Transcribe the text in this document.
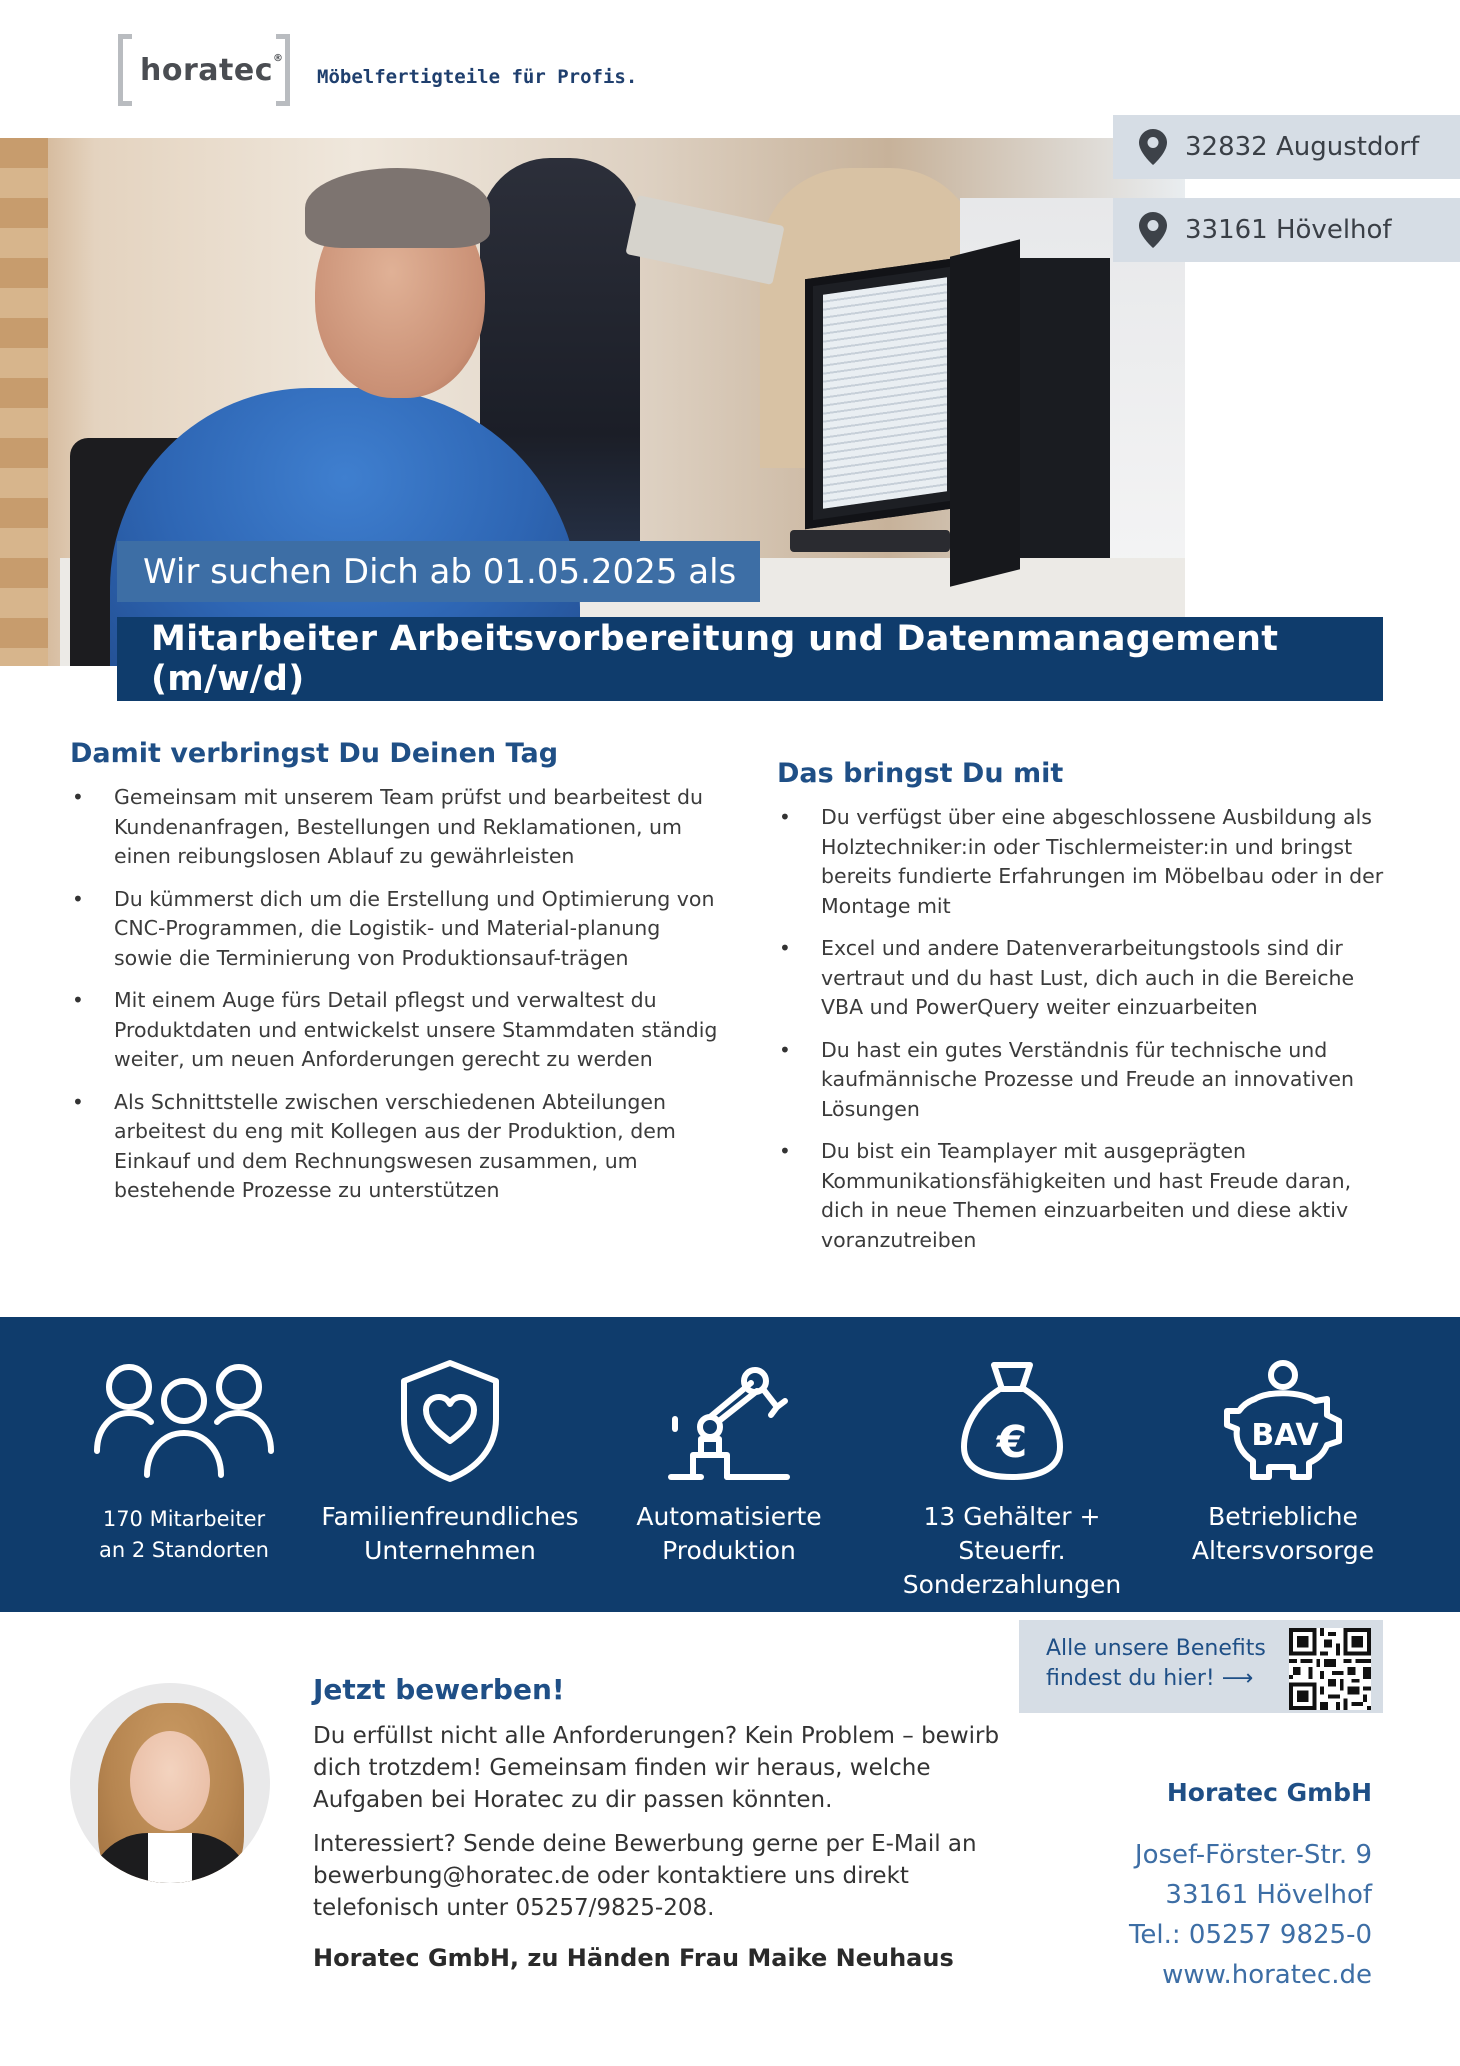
horatec®
Möbelfertigteile für Profis.
32832 Augustdorf
33161 Hövelhof
Wir suchen Dich ab 01.05.2025 als
Mitarbeiter Arbeitsvorbereitung und Datenmanagement (m/w/d)
Damit verbringst Du Deinen Tag
• Gemeinsam mit unserem Team prüfst und bearbeitest du Kundenanfragen, Bestellungen und Reklamationen, um einen reibungslosen Ablauf zu gewährleisten
• Du kümmerst dich um die Erstellung und Optimierung von CNC-Programmen, die Logistik- und Material-planung sowie die Terminierung von Produktionsauf-trägen
• Mit einem Auge fürs Detail pflegst und verwaltest du Produktdaten und entwickelst unsere Stammdaten ständig weiter, um neuen Anforderungen gerecht zu werden
• Als Schnittstelle zwischen verschiedenen Abteilungen arbeitest du eng mit Kollegen aus der Produktion, dem Einkauf und dem Rechnungswesen zusammen, um bestehende Prozesse zu unterstützen
Das bringst Du mit
• Du verfügst über eine abgeschlossene Ausbildung als Holztechniker:in oder Tischlermeister:in und bringst bereits fundierte Erfahrungen im Möbelbau oder in der Montage mit
• Excel und andere Datenverarbeitungstools sind dir vertraut und du hast Lust, dich auch in die Bereiche VBA und PowerQuery weiter einzuarbeiten
• Du hast ein gutes Verständnis für technische und kaufmännische Prozesse und Freude an innovativen Lösungen
• Du bist ein Teamplayer mit ausgeprägten Kommunikationsfähigkeiten und hast Freude daran, dich in neue Themen einzuarbeiten und diese aktiv voranzutreiben
170 Mitarbeiter
an 2 Standorten
Familienfreundliches
Unternehmen
Automatisierte
Produktion
€
13 Gehälter + Steuerfr.
Sonderzahlungen
BAV
Betriebliche
Altersvorsorge
Jetzt bewerben!

Du erfüllst nicht alle Anforderungen? Kein Problem – bewirb dich trotzdem! Gemeinsam finden wir heraus, welche Aufgaben bei Horatec zu dir passen könnten.

Interessiert? Sende deine Bewerbung gerne per E-Mail an bewerbung@horatec.de oder kontaktiere uns direkt telefonisch unter 05257/9825-208.

Horatec GmbH, zu Händen Frau Maike Neuhaus
Alle unsere Benefits
findest du hier! ⟶
Horatec GmbH
Josef-Förster-Str. 9
33161 Hövelhof
Tel.: 05257 9825-0
www.horatec.de
